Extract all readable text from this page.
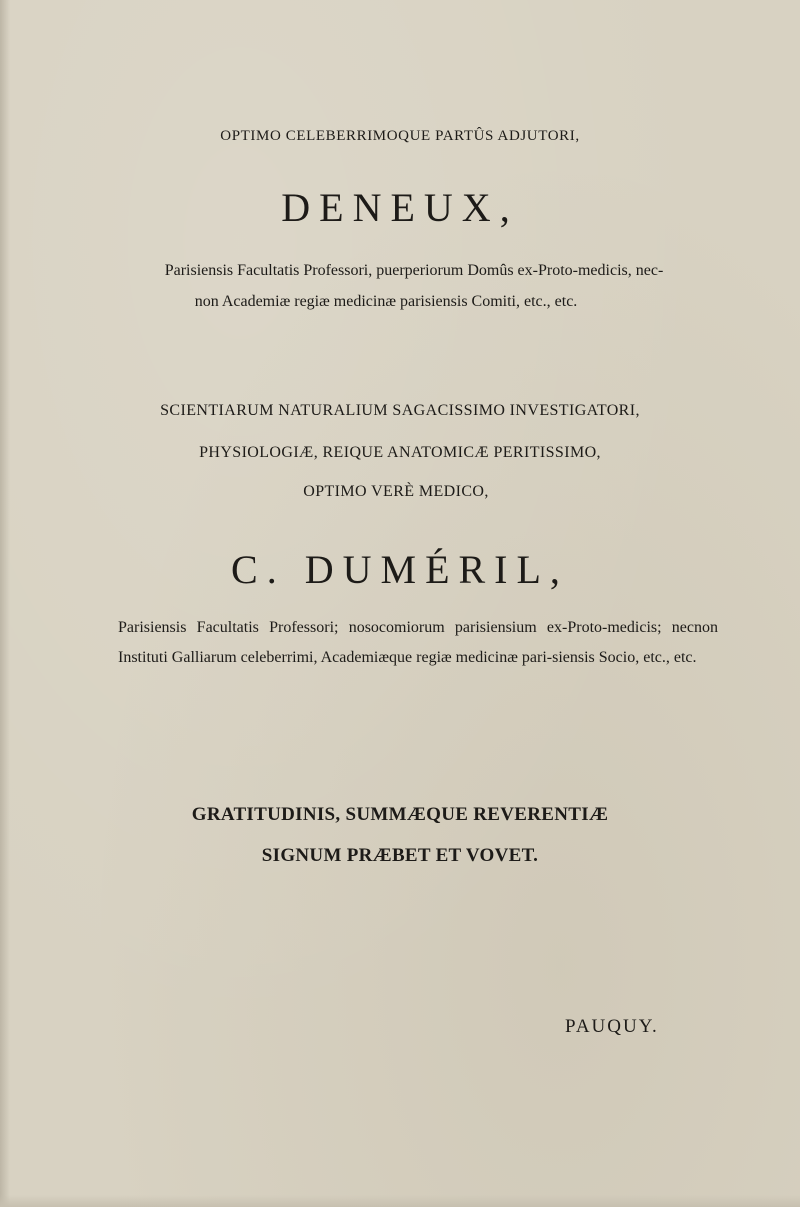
OPTIMO CELEBERRIMOQUE PARTÛS ADJUTORI,
DENEUX,
Parisiensis Facultatis Professori, puerperiorum Domûs ex-Proto-medicis, nec-
non Academiæ regiæ medicinæ parisiensis Comiti, etc., etc.
SCIENTIARUM NATURALIUM SAGACISSIMO INVESTIGATORI,
PHYSIOLOGIÆ, REIQUE ANATOMICÆ PERITISSIMO,
OPTIMO VERÈ MEDICO,
C. DUMÉRIL,
Parisiensis Facultatis Professori; nosocomiorum parisiensium ex-Proto-medicis; necnon Instituti Galliarum celeberrimi, Academiæque regiæ medicinæ pari-siensis Socio, etc., etc.
GRATITUDINIS, SUMMÆQUE REVERENTIÆ
SIGNUM PRÆBET ET VOVET.
PAUQUY.
